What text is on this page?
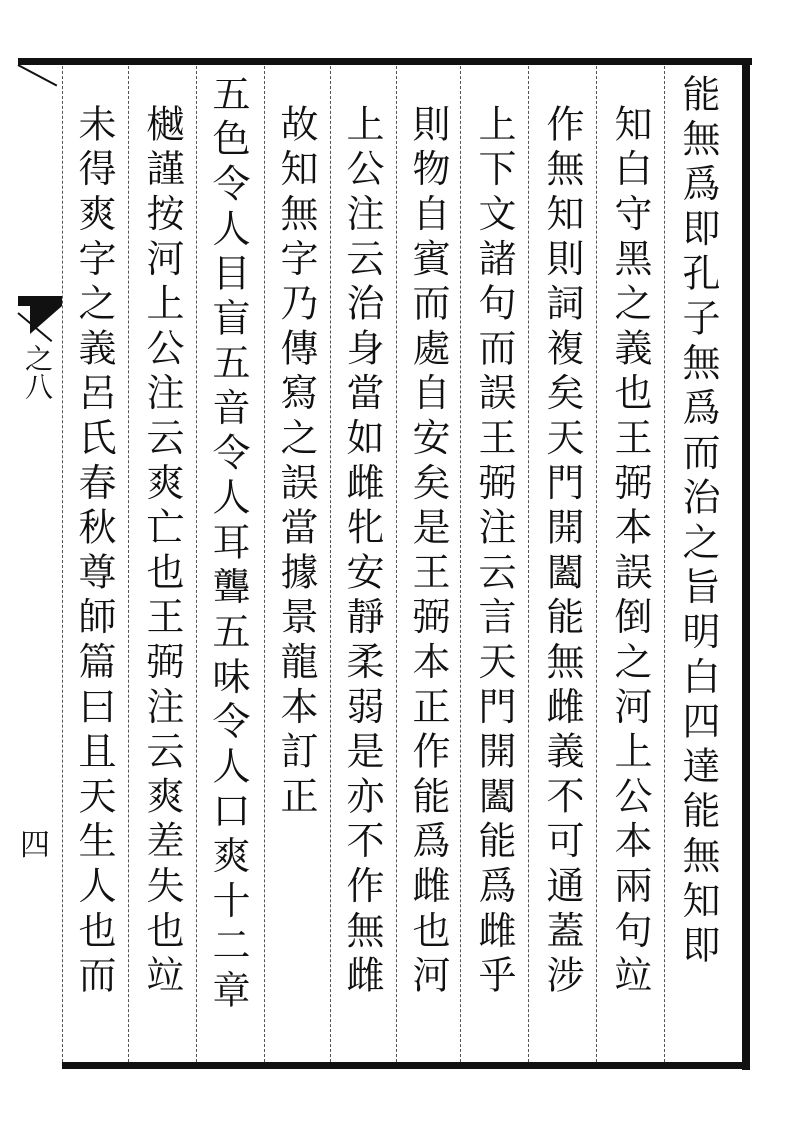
能無爲即孔子無爲而治之旨明白四達能無知即
知白守黑之義也王弼本誤倒之河上公本兩句竝
作無知則詞複矣天門開闔能無雌義不可通蓋涉
上下文諸句而誤王弼注云言天門開闔能爲雌乎
則物自賓而處自安矣是王弼本正作能爲雌也河
上公注云治身當如雌牝安靜柔弱是亦不作無雌
故知無字乃傳寫之誤當據景龍本訂正
五色令人目盲五音令人耳聾五味令人口爽十二章
樾謹按河上公注云爽亡也王弼注云爽差失也竝
未得爽字之義呂氏春秋尊師篇曰且天生人也而
之八
四
